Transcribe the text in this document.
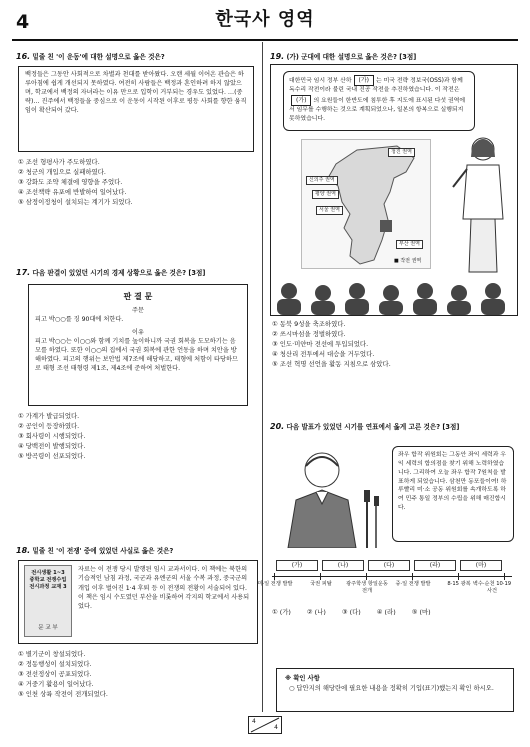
4	한국사 영역
16. 밑줄 친 '이 운동'에 대한 설명으로 옳은 것은?
백정들은 그동안 사회적으로 차별과 천대를 받아왔다. 오랜 세월 이어온 관습은 하루아침에 쉽게 개선되지 못하였다. 여전히 사람들은 백정과 혼인하려 하지 않았으며, 학교에서 백정의 자녀라는 이유 만으로 입학이 거부되는 경우도 있었다. …(중략)… 진주에서 백정들을 중심으로 이 운동이 시작된 이후로 평등 사회를 향한 움직임이 확산되어 갔다.

① 조선 형평사가 주도하였다.

② 청군의 개입으로 실패하였다.

③ 강화도 조약 체결에 영향을 주었다.

④ 조선책략 유포에 반발하여 일어났다.

⑤ 삼정이정청이 설치되는 계기가 되었다.

17. 다음 판결이 있었던 시기의 경제 상황으로 옳은 것은? [3점]
판 결 문
주문
피고 박○○를 징 90대에 처한다.
이유
피고 박○○는 이○○와 함께 기치를 높이하니까 국권 회복을 도모하기는 음모를 하였다. 또한 이○○의 집에서 국권 회복에 관한 언동을 하며 치안을 방해하였다. 피고의 행위는 보안법 제7조에 해당하고, 태형에 처함이 타당하므로 태형 조선 태형령 제1조, 제4조에 준하여 처벌한다.

① 가계가 발급되었다.

② 공인이 등장하였다.

③ 회사령이 시행되었다.

④ 당백전이 발행되었다.

⑤ 방곡령이 선포되었다.

18. 밑줄 친 '이 전쟁' 중에 있었던 사실로 옳은 것은?
전시생활 1~3 중학교 전쟁수업 전시과정 교재 3
문 교 부
자료는 이 전쟁 당시 발행된 임시 교과서이다. 이 책에는 북한의 기습적인 남침 과정, 국군과 유엔군의 서울 수복 과정, 중국군의 개입 이후 벌어진 1·4 후퇴 등 이 전쟁의 전황이 서술되어 있다. 이 책은 임시 수도였던 부산을 비롯하여 각지의 학교에서 사용되었다.

① 별기군이 창설되었다.

② 정동행성이 설치되었다.

③ 전선정상이 공포되었다.

④ 거중기 활용이 일어났다.

⑤ 인천 상륙 작전이 전개되었다.

19. (가) 군대에 대한 설명으로 옳은 것은? [3점]
대한민국 임시 정부 산하 (가) 는 미국 전략 정보국(OSS)과 함께 독수리 작전이라 불린 국내 진공 작전을 추진하였습니다. 이 작전은(가) 의 요원들이 한반도에 침투한 후 지도에 표시된 다섯 권역에서 임무를 수행하는 것으로 계획되었으나, 일본의 항복으로 실행되지 못하였습니다.
청진 권역
신의주 권역
평양 권역
서울 권역
부산 권역
■ 작전 권역

① 동북 9성을 축조하였다.

② 쓰시마섬을 정벌하였다.

③ 인도·미얀마 전선에 투입되었다.

④ 청산리 전투에서 대승을 거두었다.

⑤ 조선 혁명 선언을 활동 지침으로 삼았다.

20. 다음 발표가 있었던 시기를 연표에서 옳게 고른 것은? [3점]
좌우 합작 위원회는 그동안 좌익 세력과 우익 세력의 합의점을 찾기 위해 노력하였습니다. 그리하여 오늘 좌우 합작 7원칙을 발표하게 되었습니다. 삼천만 동포들이여! 하루빨리 미·소 공동 위원회를 속개하도록 하여 민주 통일 정부의 수립을 위해 매진합시다.
(가)	(나)	(다)	(라)	(마)
미·일 전쟁 발발	국권 피탈	광주학생 항일운동 전개
중·일 전쟁 발발	8·15 광복 벽수·순천 10·19 사건
① (가)	② (나)	③ (다)	④ (라)	⑤ (마)
※ 확인 사항
○ 답안지의 해당란에 필요한 내용을 정확히 기입(표기)했는지 확인 하시오.
4
4
